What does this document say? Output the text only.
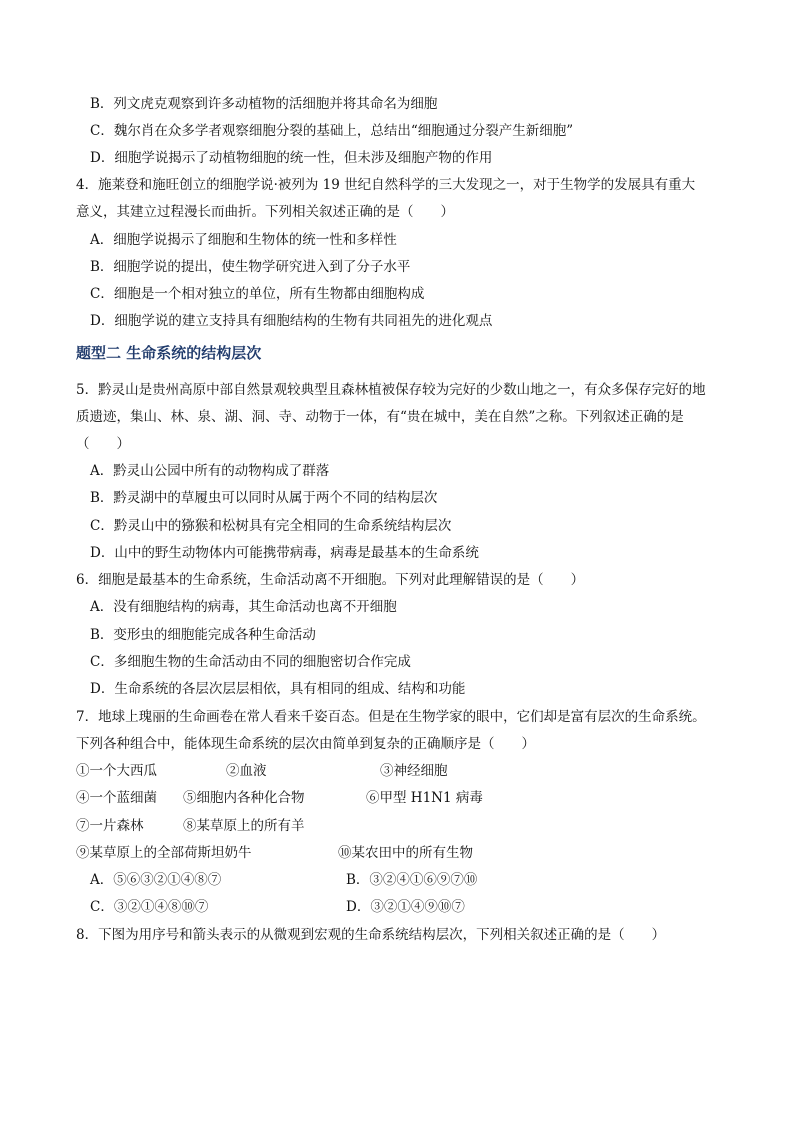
B．列文虎克观察到许多动植物的活细胞并将其命名为细胞
C．魏尔肖在众多学者观察细胞分裂的基础上，总结出“细胞通过分裂产生新细胞”
D．细胞学说揭示了动植物细胞的统一性，但未涉及细胞产物的作用
4．施莱登和施旺创立的细胞学说·被列为 19 世纪自然科学的三大发现之一，对于生物学的发展具有重大
意义，其建立过程漫长而曲折。下列相关叙述正确的是（　　）
A．细胞学说揭示了细胞和生物体的统一性和多样性
B．细胞学说的提出，使生物学研究进入到了分子水平
C．细胞是一个相对独立的单位，所有生物都由细胞构成
D．细胞学说的建立支持具有细胞结构的生物有共同祖先的进化观点
题型二 生命系统的结构层次
5．黔灵山是贵州高原中部自然景观较典型且森林植被保存较为完好的少数山地之一，有众多保存完好的地
质遗迹，集山、林、泉、湖、洞、寺、动物于一体，有“贵在城中，美在自然”之称。下列叙述正确的是
（　　）
A．黔灵山公园中所有的动物构成了群落
B．黔灵湖中的草履虫可以同时从属于两个不同的结构层次
C．黔灵山中的猕猴和松树具有完全相同的生命系统结构层次
D．山中的野生动物体内可能携带病毒，病毒是最基本的生命系统
6．细胞是最基本的生命系统，生命活动离不开细胞。下列对此理解错误的是（　　）
A．没有细胞结构的病毒，其生命活动也离不开细胞
B．变形虫的细胞能完成各种生命活动
C．多细胞生物的生命活动由不同的细胞密切合作完成
D．生命系统的各层次层层相依，具有相同的组成、结构和功能
7．地球上瑰丽的生命画卷在常人看来千姿百态。但是在生物学家的眼中，它们却是富有层次的生命系统。
下列各种组合中，能体现生命系统的层次由简单到复杂的正确顺序是（　　）
①一个大西瓜	②血液	③神经细胞
④一个蓝细菌 ⑤细胞内各种化合物	⑥甲型 H1N1 病毒
⑦一片森林	⑧某草原上的所有羊
⑨某草原上的全部荷斯坦奶牛	⑩某农田中的所有生物
A．⑤⑥③②①④⑧⑦	B．③②④①⑥⑨⑦⑩
C．③②①④⑧⑩⑦	D．③②①④⑨⑩⑦
8．下图为用序号和箭头表示的从微观到宏观的生命系统结构层次，下列相关叙述正确的是（　　）
